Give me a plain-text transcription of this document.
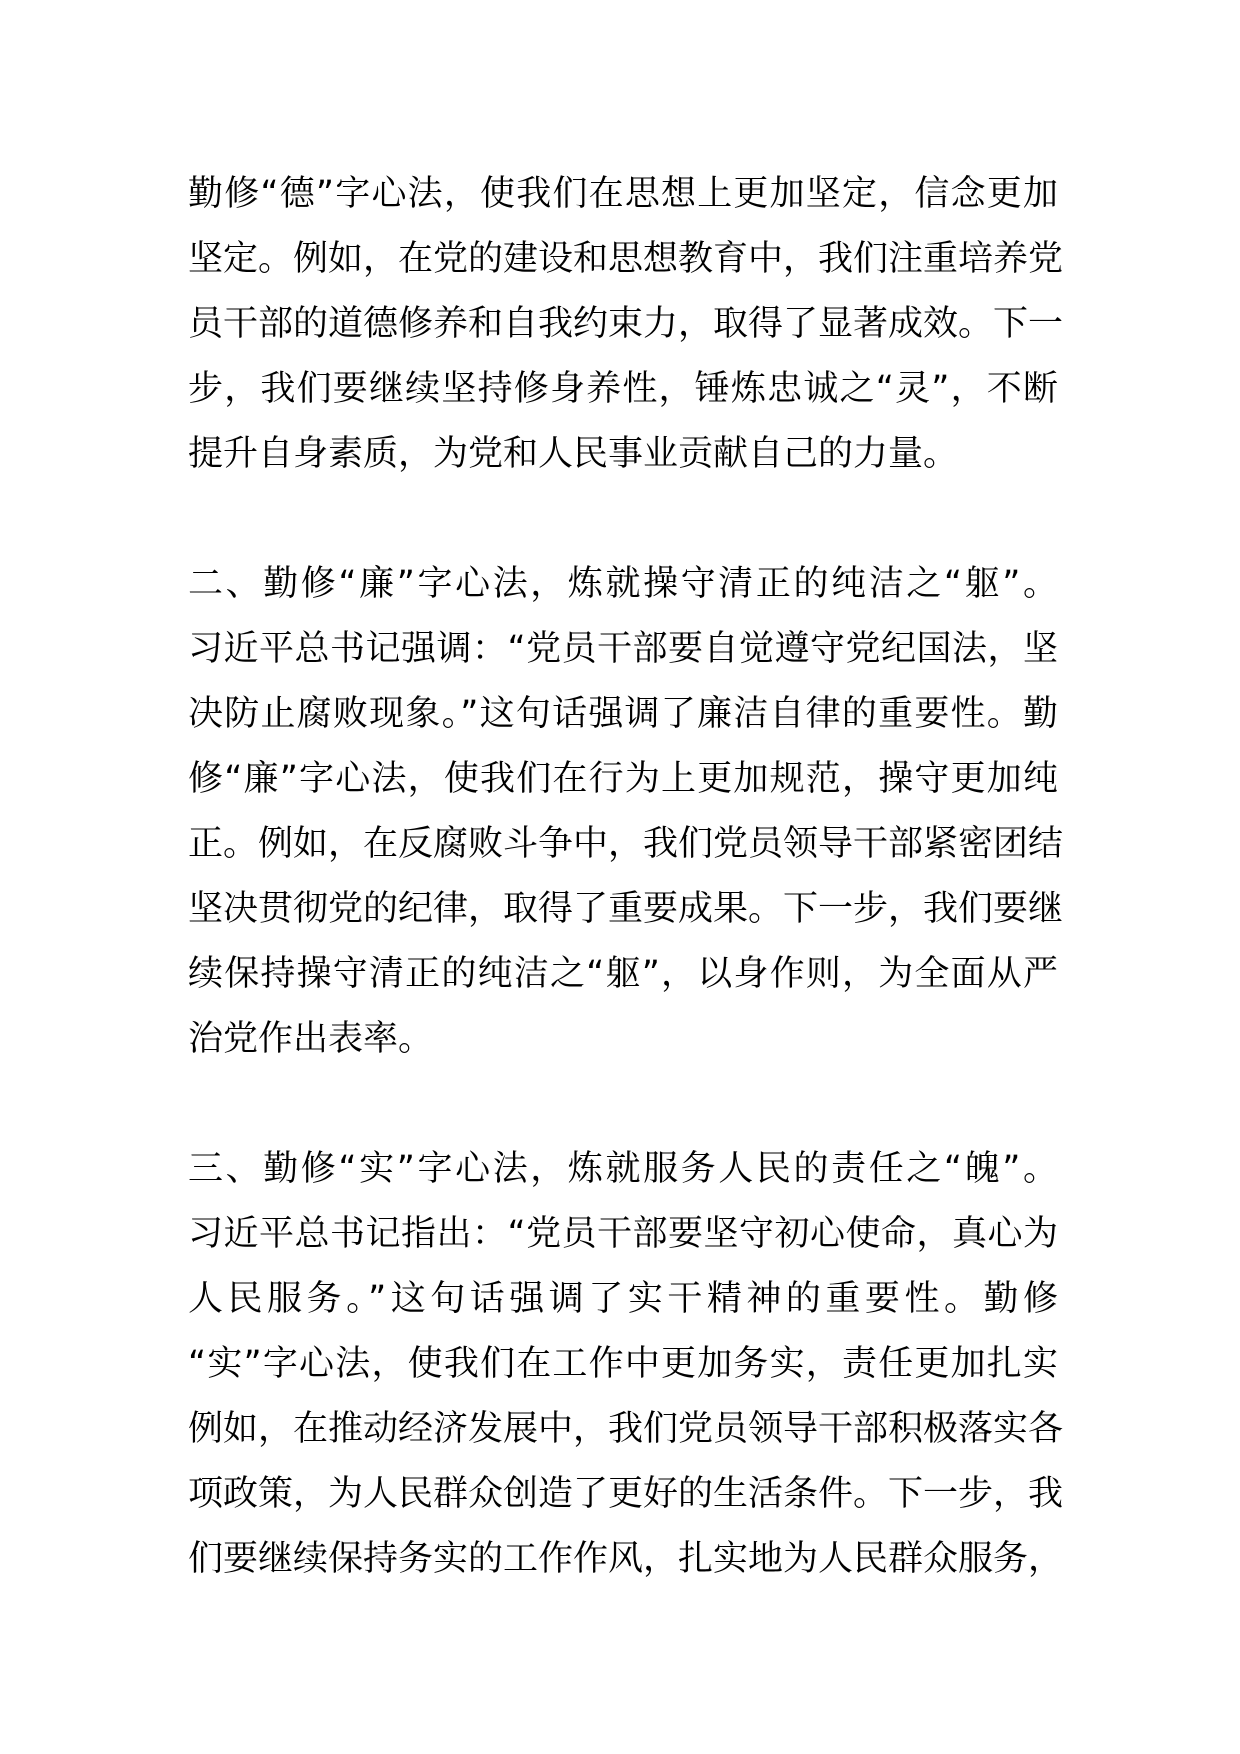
勤修“德”字心法，使我们在思想上更加坚定，信念更加
坚定。例如，在党的建设和思想教育中，我们注重培养党
员干部的道德修养和自我约束力，取得了显著成效。下一
步，我们要继续坚持修身养性，锤炼忠诚之“灵”，不断
提升自身素质，为党和人民事业贡献自己的力量。
二、勤修“廉”字心法，炼就操守清正的纯洁之“躯”。
习近平总书记强调：“党员干部要自觉遵守党纪国法，坚
决防止腐败现象。”这句话强调了廉洁自律的重要性。勤
修“廉”字心法，使我们在行为上更加规范，操守更加纯
正。例如，在反腐败斗争中，我们党员领导干部紧密团结
坚决贯彻党的纪律，取得了重要成果。下一步，我们要继
续保持操守清正的纯洁之“躯”，以身作则，为全面从严
治党作出表率。
三、勤修“实”字心法，炼就服务人民的责任之“魄”。
习近平总书记指出：“党员干部要坚守初心使命，真心为
人民服务。”这句话强调了实干精神的重要性。勤修
“实”字心法，使我们在工作中更加务实，责任更加扎实
例如，在推动经济发展中，我们党员领导干部积极落实各
项政策，为人民群众创造了更好的生活条件。下一步，我
们要继续保持务实的工作作风，扎实地为人民群众服务，
